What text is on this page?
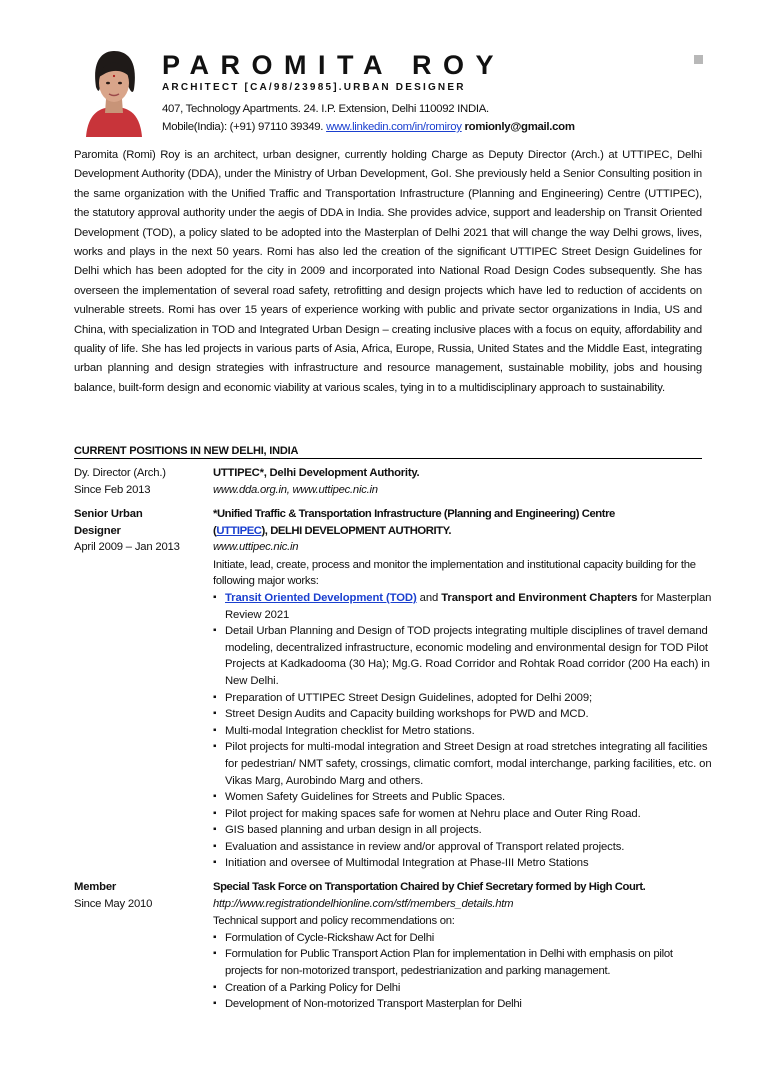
PAROMITA ROY
ARCHITECT [CA/98/23985].URBAN DESIGNER
407, Technology Apartments. 24. I.P. Extension, Delhi 110092 INDIA.
Mobile(India): (+91) 97110 39349. www.linkedin.com/in/romiroy romionly@gmail.com
Paromita (Romi) Roy is an architect, urban designer, currently holding Charge as Deputy Director (Arch.) at UTTIPEC, Delhi Development Authority (DDA), under the Ministry of Urban Development, GoI. She previously held a Senior Consulting position in the same organization with the Unified Traffic and Transportation Infrastructure (Planning and Engineering) Centre (UTTIPEC), the statutory approval authority under the aegis of DDA in India. She provides advice, support and leadership on Transit Oriented Development (TOD), a policy slated to be adopted into the Masterplan of Delhi 2021 that will change the way Delhi grows, lives, works and plays in the next 50 years. Romi has also led the creation of the significant UTTIPEC Street Design Guidelines for Delhi which has been adopted for the city in 2009 and incorporated into National Road Design Codes subsequently. She has overseen the implementation of several road safety, retrofitting and design projects which have led to reduction of accidents on vulnerable streets. Romi has over 15 years of experience working with public and private sector organizations in India, US and China, with specialization in TOD and Integrated Urban Design – creating inclusive places with a focus on equity, affordability and quality of life. She has led projects in various parts of Asia, Africa, Europe, Russia, United States and the Middle East, integrating urban planning and design strategies with infrastructure and resource management, sustainable mobility, jobs and housing balance, built-form design and economic viability at various scales, tying in to a multidisciplinary approach to sustainability.
CURRENT POSITIONS IN NEW DELHI, INDIA
Dy. Director (Arch.)
Since Feb 2013
UTTIPEC*, Delhi Development Authority.
www.dda.org.in, www.uttipec.nic.in
Senior Urban
Designer
April 2009 – Jan 2013
*Unified Traffic & Transportation Infrastructure (Planning and Engineering) Centre
(UTTIPEC), DELHI DEVELOPMENT AUTHORITY.
www.uttipec.nic.in
Initiate, lead, create, process and monitor the implementation and institutional capacity building for the following major works:
▪ Transit Oriented Development (TOD) and Transport and Environment Chapters for Masterplan Review 2021
▪ Detail Urban Planning and Design of TOD projects integrating multiple disciplines of travel demand modeling, decentralized infrastructure, economic modeling and environmental design for TOD Pilot Projects at Kadkadooma (30 Ha); Mg.G. Road Corridor and Rohtak Road corridor (200 Ha each) in New Delhi.
▪ Preparation of UTTIPEC Street Design Guidelines, adopted for Delhi 2009;
▪ Street Design Audits and Capacity building workshops for PWD and MCD.
▪ Multi-modal Integration checklist for Metro stations.
▪ Pilot projects for multi-modal integration and Street Design at road stretches integrating all facilities for pedestrian/ NMT safety, crossings, climatic comfort, modal interchange, parking facilities, etc. on Vikas Marg, Aurobindo Marg and others.
▪ Women Safety Guidelines for Streets and Public Spaces.
▪ Pilot project for making spaces safe for women at Nehru place and Outer Ring Road.
▪ GIS based planning and urban design in all projects.
▪ Evaluation and assistance in review and/or approval of Transport related projects.
▪ Initiation and oversee of Multimodal Integration at Phase-III Metro Stations
Member
Since May 2010
Special Task Force on Transportation Chaired by Chief Secretary formed by High Court.
http://www.registrationdelhionline.com/stf/members_details.htm
Technical support and policy recommendations on:
▪ Formulation of Cycle-Rickshaw Act for Delhi
▪ Formulation for Public Transport Action Plan for implementation in Delhi with emphasis on pilot projects for non-motorized transport, pedestrianization and parking management.
▪ Creation of a Parking Policy for Delhi
▪ Development of Non-motorized Transport Masterplan for Delhi
